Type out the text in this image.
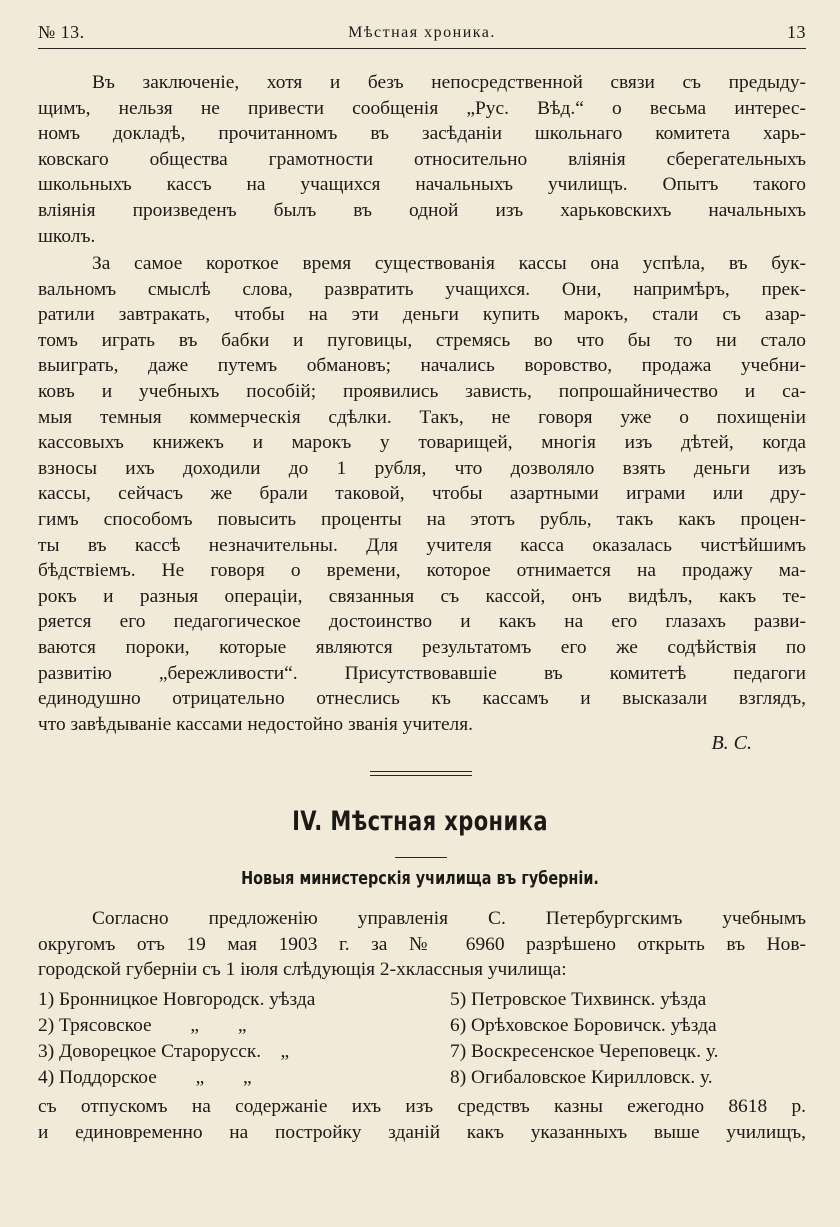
№ 13.	Мѣстная хроника.	13
Въ заключеніе, хотя и безъ непосредственной связи съ предыду-
щимъ, нельзя не привести сообщенія „Рус. Вѣд.“ о весьма интерес-
номъ докладѣ, прочитанномъ въ засѣданіи школьнаго комитета харь-
ковскаго общества грамотности относительно вліянія сберегательныхъ
школьныхъ кассъ на учащихся начальныхъ училищъ. Опытъ такого
вліянія произведенъ былъ въ одной изъ харьковскихъ начальныхъ
школъ.
За самое короткое время существованія кассы она успѣла, въ бук-
вальномъ смыслѣ слова, развратить учащихся. Они, напримѣръ, прек-
ратили завтракать, чтобы на эти деньги купить марокъ, стали съ азар-
томъ играть въ бабки и пуговицы, стремясь во что бы то ни стало
выиграть, даже путемъ обмановъ; начались воровство, продажа учебни-
ковъ и учебныхъ пособій; проявились зависть, попрошайничество и са-
мыя темныя коммерческія сдѣлки. Такъ, не говоря уже о похищеніи
кассовыхъ книжекъ и марокъ у товарищей, многія изъ дѣтей, когда
взносы ихъ доходили до 1 рубля, что дозволяло взять деньги изъ
кассы, сейчасъ же брали таковой, чтобы азартными играми или дру-
гимъ способомъ повысить проценты на этотъ рубль, такъ какъ процен-
ты въ кассѣ незначительны. Для учителя касса оказалась чистѣйшимъ
бѣдствіемъ. Не говоря о времени, которое отнимается на продажу ма-
рокъ и разныя операціи, связанныя съ кассой, онъ видѣлъ, какъ те-
ряется его педагогическое достоинство и какъ на его глазахъ разви-
ваются пороки, которые являются результатомъ его же содѣйствія по
развитію „бережливости“. Присутствовавшіе въ комитетѣ педагоги
единодушно отрицательно отнеслись къ кассамъ и высказали взглядъ,
что завѣдываніе кассами недостойно званія учителя.
В. С.
IV. Мѣстная хроника
Новыя министерскія училища въ губерніи.
Согласно предложенію управленія С. Петербургскимъ учебнымъ
округомъ отъ 19 мая 1903 г. за № 6960 разрѣшено открыть въ Нов-
городской губерніи съ 1 іюля слѣдующія 2-хклассныя училища:
1) Бронницкое Новгородск. уѣзда
2) Трясовское        „        „
3) Доворецкое Старорусск.    „
4) Поддорское        „        „
5) Петровское Тихвинск. уѣзда
6) Орѣховское Боровичск. уѣзда
7) Воскресенское Череповецк. у.
8) Огибаловское Кирилловск. у.
съ отпускомъ на содержаніе ихъ изъ средствъ казны ежегодно 8618 р.
и единовременно на постройку зданій какъ указанныхъ выше училищъ,
